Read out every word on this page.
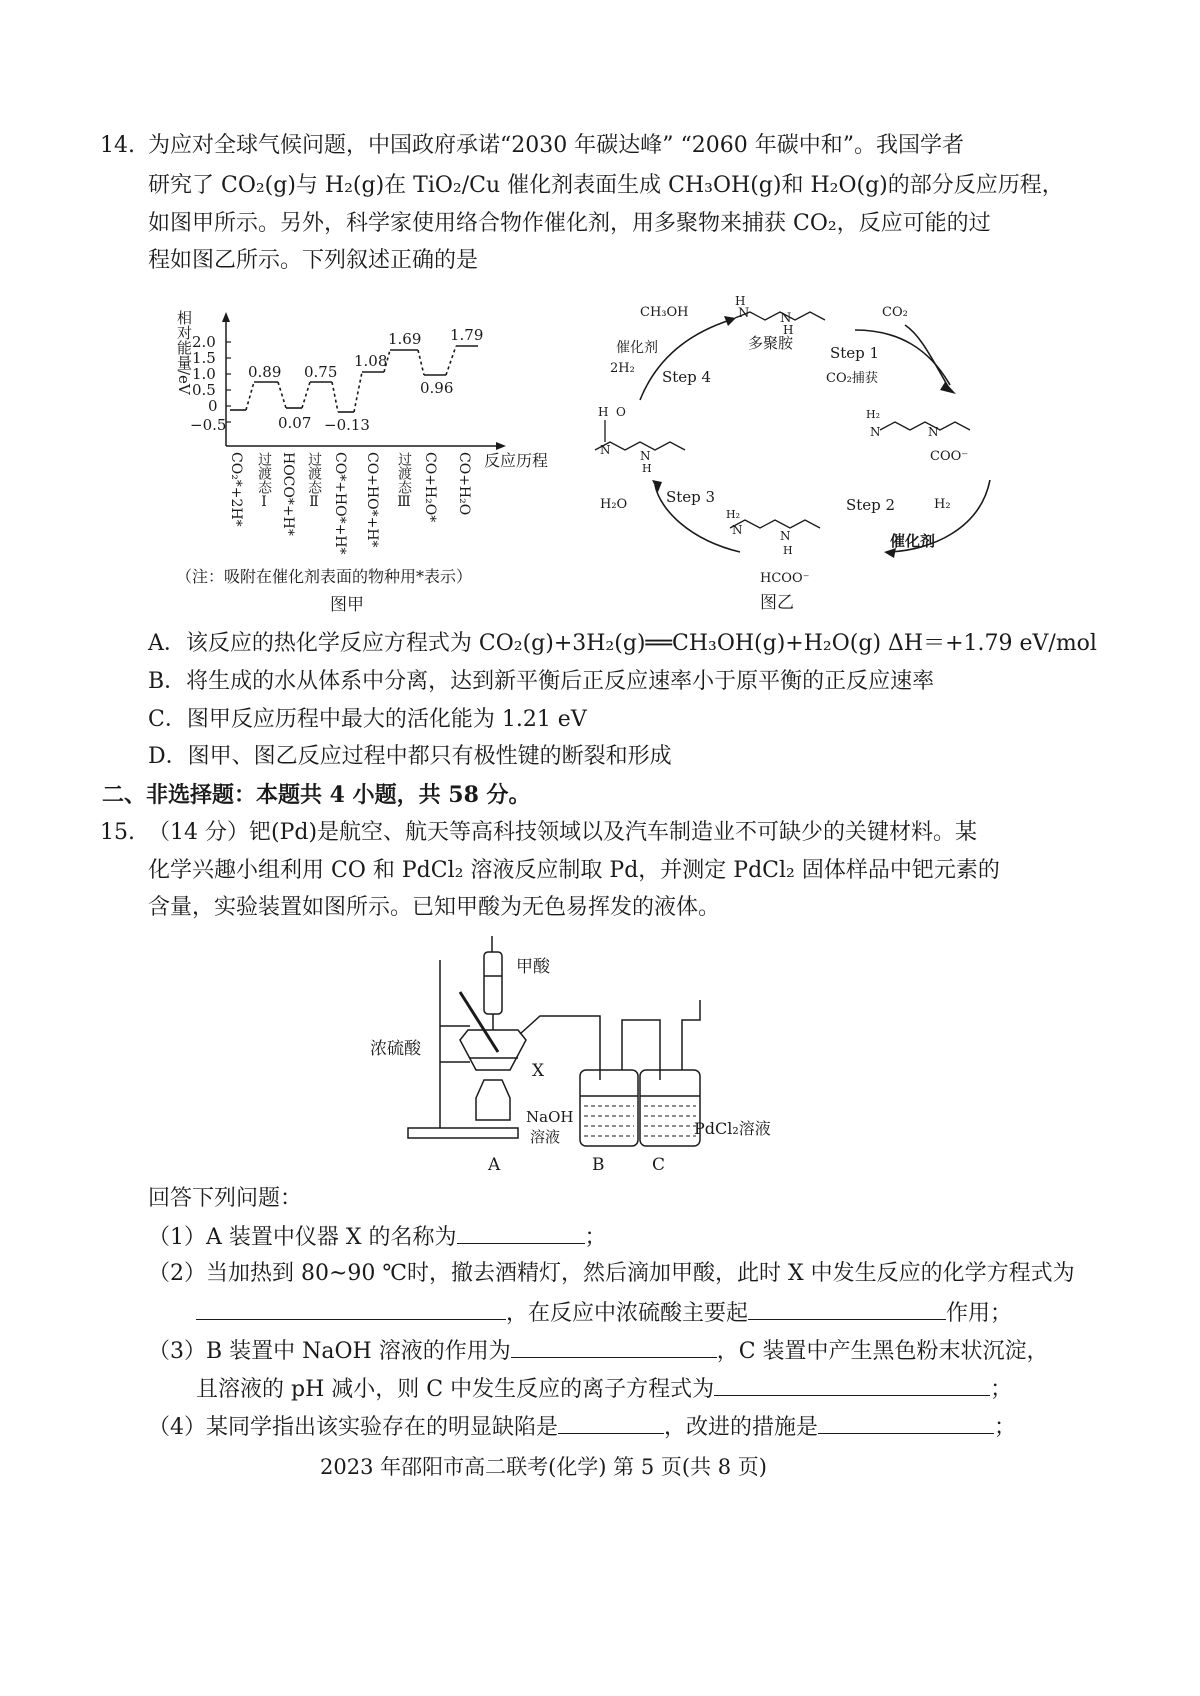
14. 为应对全球气候问题，中国政府承诺“2030 年碳达峰” “2060 年碳中和”。我国学者
研究了 CO₂(g)与 H₂(g)在 TiO₂/Cu 催化剂表面生成 CH₃OH(g)和 H₂O(g)的部分反应历程，
如图甲所示。另外，科学家使用络合物作催化剂，用多聚物来捕获 CO₂，反应可能的过
程如图乙所示。下列叙述正确的是
相对能量/eV 2.0
1.5
1.0
0.5
0
−0.5
0.89
0.07
0.75
−0.13
1.08
1.69
0.96
1.79
反应历程
CO₂*+2H* 过渡态Ⅰ HOCO*+H* 过渡态Ⅱ CO*+HO*+H* CO+HO*+H* 过渡态Ⅲ CO+H₂O* CO+H₂O
（注：吸附在催化剂表面的物种用*表示）
图甲
H
N N
H
多聚胺
CH₃OH
催化剂
2H₂ Step 4
CO₂
Step 1
CO₂捕获
H₂
N	N
COO⁻
Step 2	H₂
催化剂
H₂
N	N
H
HCOO⁻
Step 3
H₂O
H O
N N
H
图乙
A．该反应的热化学反应方程式为 CO₂(g)+3H₂(g)══CH₃OH(g)+H₂O(g) ΔH＝+1.79 eV/mol
B．将生成的水从体系中分离，达到新平衡后正反应速率小于原平衡的正反应速率
C．图甲反应历程中最大的活化能为 1.21 eV
D．图甲、图乙反应过程中都只有极性键的断裂和形成
二、非选择题：本题共 4 小题，共 58 分。
15. （14 分）钯(Pd)是航空、航天等高科技领域以及汽车制造业不可缺少的关键材料。某
化学兴趣小组利用 CO 和 PdCl₂ 溶液反应制取 Pd，并测定 PdCl₂ 固体样品中钯元素的
含量，实验装置如图所示。已知甲酸为无色易挥发的液体。
甲酸
浓硫酸
X
NaOH
溶液	PdCl₂溶液
A	B	C
回答下列问题：
（1）A 装置中仪器 X 的名称为	；
（2）当加热到 80~90 ℃时，撤去酒精灯，然后滴加甲酸，此时 X 中发生反应的化学方程式为
，在反应中浓硫酸主要起	作用；
（3）B 装置中 NaOH 溶液的作用为	，C 装置中产生黑色粉末状沉淀，
且溶液的 pH 减小，则 C 中发生反应的离子方程式为	；
（4）某同学指出该实验存在的明显缺陷是	，改进的措施是	；
2023 年邵阳市高二联考(化学) 第 5 页(共 8 页)
